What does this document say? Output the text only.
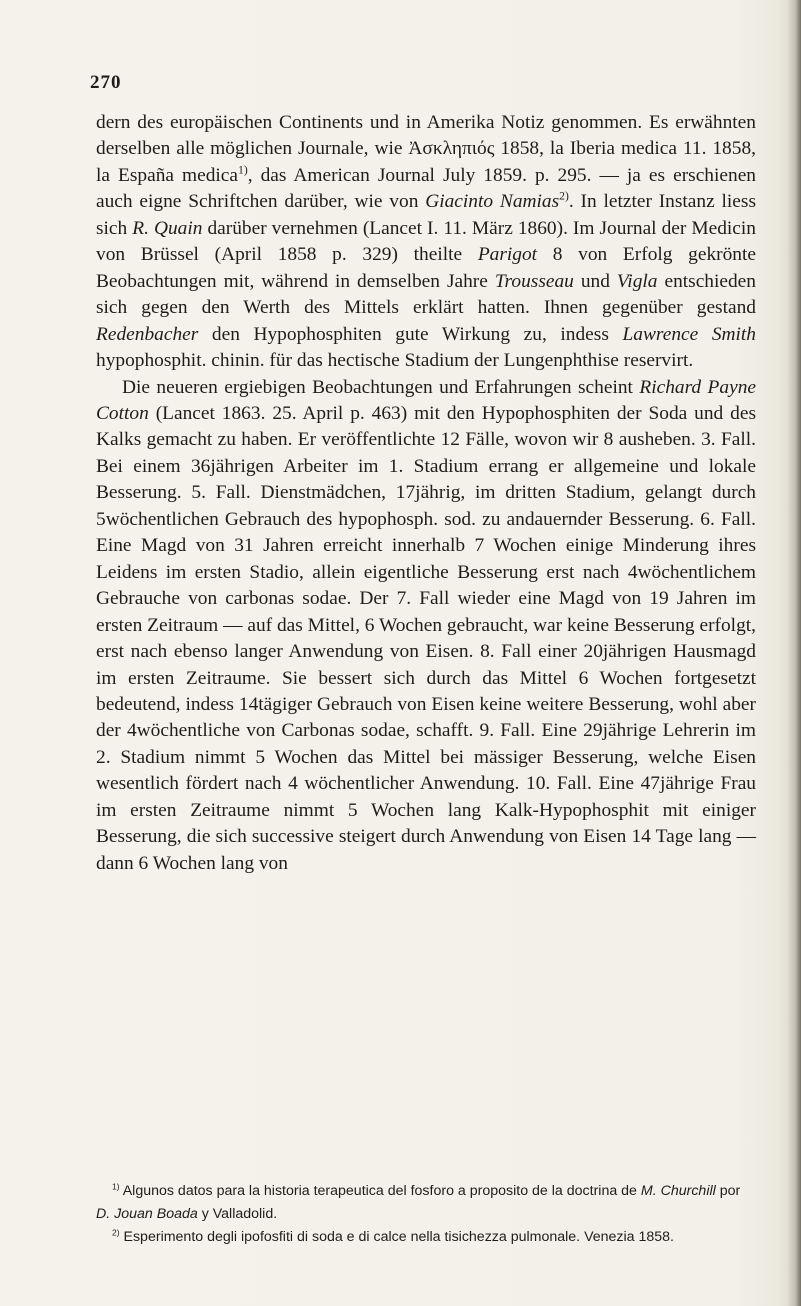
270

dern des europäischen Continents und in Amerika Notiz genommen. Es erwähnten derselben alle möglichen Journale, wie Ἀσκληπιός 1858, la Iberia medica 11. 1858, la España medica$^{1)}$, das American Journal July 1859. p. 295. — ja es erschienen auch eigne Schriftchen darüber, wie von Giacinto Namias$^{2)}$. In letzter Instanz liess sich R. Quain darüber vernehmen (Lancet I. 11. März 1860). Im Journal der Medicin von Brüssel (April 1858 p. 329) theilte Parigot 8 von Erfolg gekrönte Beobachtungen mit, während in demselben Jahre Trousseau und Vigla entschieden sich gegen den Werth des Mittels erklärt hatten. Ihnen gegenüber gestand Redenbacher den Hypophosphiten gute Wirkung zu, indess Lawrence Smith hypophosphit. chinin. für das hectische Stadium der Lungenphthise reservirt.

Die neueren ergiebigen Beobachtungen und Erfahrungen scheint Richard Payne Cotton (Lancet 1863. 25. April p. 463) mit den Hypophosphiten der Soda und des Kalks gemacht zu haben. Er veröffentlichte 12 Fälle, wovon wir 8 ausheben. 3. Fall. Bei einem 36jährigen Arbeiter im 1. Stadium errang er allgemeine und lokale Besserung. 5. Fall. Dienstmädchen, 17jährig, im dritten Stadium, gelangt durch 5wöchentlichen Gebrauch des hypophosph. sod. zu andauernder Besserung. 6. Fall. Eine Magd von 31 Jahren erreicht innerhalb 7 Wochen einige Minderung ihres Leidens im ersten Stadio, allein eigentliche Besserung erst nach 4wöchentlichem Gebrauche von carbonas sodae. Der 7. Fall wieder eine Magd von 19 Jahren im ersten Zeitraum — auf das Mittel, 6 Wochen gebraucht, war keine Besserung erfolgt, erst nach ebenso langer Anwendung von Eisen. 8. Fall einer 20jährigen Hausmagd im ersten Zeitraume. Sie bessert sich durch das Mittel 6 Wochen fortgesetzt bedeutend, indess 14tägiger Gebrauch von Eisen keine weitere Besserung, wohl aber der 4wöchentliche von Carbonas sodae, schafft. 9. Fall. Eine 29jährige Lehrerin im 2. Stadium nimmt 5 Wochen das Mittel bei mässiger Besserung, welche Eisen wesentlich fördert nach 4 wöchentlicher Anwendung. 10. Fall. Eine 47jährige Frau im ersten Zeitraume nimmt 5 Wochen lang Kalk-Hypophosphit mit einiger Besserung, die sich successive steigert durch Anwendung von Eisen 14 Tage lang — dann 6 Wochen lang von

$^{1)}$ Algunos datos para la historia terapeutica del fosforo a proposito de la doctrina de M. Churchill por D. Jouan Boada y Valladolid.

$^{2)}$ Esperimento degli ipofosfiti di soda e di calce nella tisichezza pulmonale. Venezia 1858.
